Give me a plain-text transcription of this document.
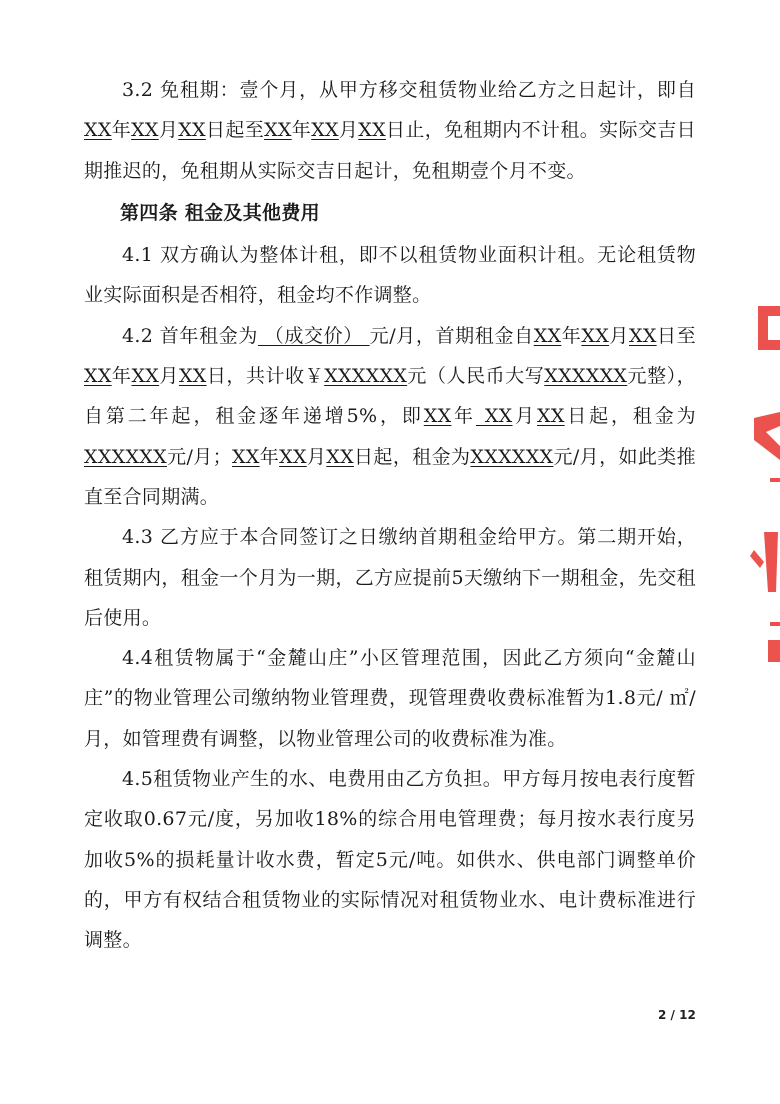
3.2 免租期：壹个月，从甲方移交租赁物业给乙方之日起计，即自XX年XX月XX日起至XX年XX月XX日止，免租期内不计租。实际交吉日期推迟的，免租期从实际交吉日起计，免租期壹个月不变。

第四条 租金及其他费用

4.1 双方确认为整体计租，即不以租赁物业面积计租。无论租赁物业实际面积是否相符，租金均不作调整。

4.2 首年租金为 （成交价） 元/月，首期租金自XX年XX月XX日至XX年XX月XX日，共计收￥XXXXXX元（人民币大写XXXXXX元整），自第二年起，租金逐年递增5%，即XX年 XX月XX日起，租金为XXXXXX元/月；XX年XX月XX日起，租金为XXXXXX元/月，如此类推直至合同期满。

4.3 乙方应于本合同签订之日缴纳首期租金给甲方。第二期开始，租赁期内，租金一个月为一期，乙方应提前5天缴纳下一期租金，先交租后使用。

4.4租赁物属于“金麓山庄”小区管理范围，因此乙方须向“金麓山庄”的物业管理公司缴纳物业管理费，现管理费收费标准暂为1.8元/ ㎡/月，如管理费有调整，以物业管理公司的收费标准为准。

4.5租赁物业产生的水、电费用由乙方负担。甲方每月按电表行度暂定收取0.67元/度，另加收18%的综合用电管理费；每月按水表行度另加收5%的损耗量计收水费，暂定5元/吨。如供水、供电部门调整单价的，甲方有权结合租赁物业的实际情况对租赁物业水、电计费标准进行调整。

2 / 12
